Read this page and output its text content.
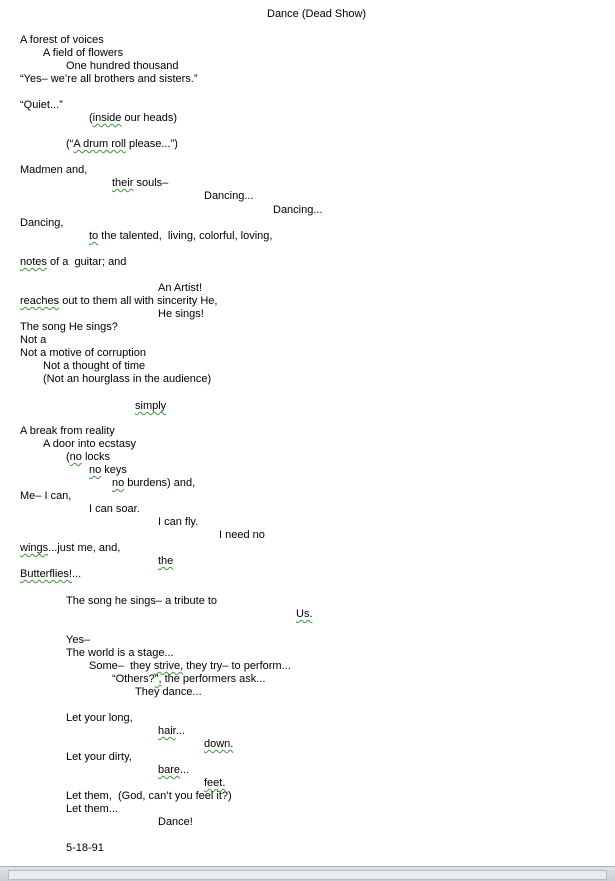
Dance (Dead Show)
A forest of voices
A field of flowers
One hundred thousand
“Yes– we’re all brothers and sisters.”
“Quiet...”
(inside our heads)
(“A drum roll please...”)
Madmen and,
their souls–
Dancing...
Dancing...
Dancing,
to the talented,  living, colorful, loving,
notes of a  guitar; and
An Artist!
reaches out to them all with sincerity He,
He sings!
The song He sings?
Not a
Not a motive of corruption
Not a thought of time
(Not an hourglass in the audience)
simply
A break from reality
A door into ecstasy
(no locks
no keys
no burdens) and,
Me– I can,
I can soar.
I can fly.
I need no
wings...just me, and,
the
Butterflies!...
The song he sings– a tribute to
Us.
Yes–
The world is a stage...
Some–  they strive, they try– to perform...
“Others?”, the performers ask...
They dance...
Let your long,
hair...
down.
Let your dirty,
bare...
feet.
Let them,  (God, can’t you feel it?)
Let them...
Dance!
5-18-91
